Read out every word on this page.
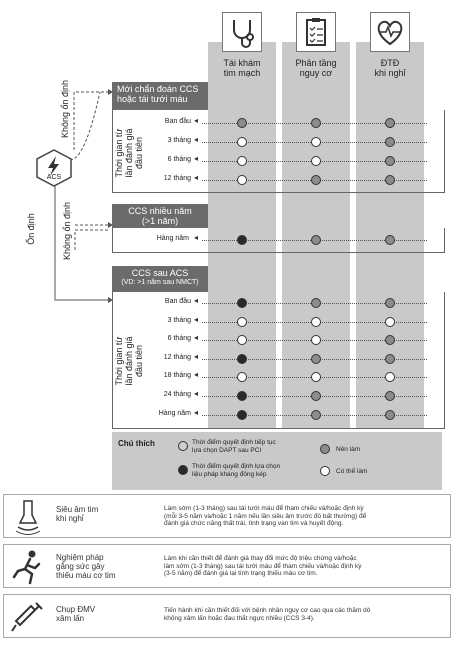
Tái khám
tim mạch
Phân tầng
nguy cơ
ĐTĐ
khi nghỉ
ACS
Không ổn định
Ổn định	Không ổn định
Mới chẩn đoán CCS
hoặc tái tưới máu
Thời gian từ
lần đánh giá
đầu tiên
CCS nhiều năm
(>1 năm)
CCS sau ACS
(VD: >1 năm sau NMCT)
Thời gian từ
lần đánh giá
đầu tiên
Ban đầu ◂
3 tháng ◂
6 tháng ◂
12 tháng ◂
Hàng năm ◂
Ban đầu ◂
3 tháng ◂
6 tháng ◂
12 tháng ◂
18 tháng ◂
24 tháng ◂
Hàng năm ◂
Chú thích	Thời điểm quyết định tiếp tục
lựa chọn DAPT sau PCI
Thời điểm quyết định lựa chọn
liệu pháp kháng đông kép
Nên làm
Có thể làm
Siêu âm tim
khi nghỉ
Làm sớm (1-3 tháng) sau tái tưới máu để tham chiếu và/hoặc định kỳ
(mỗi 3-5 năm và/hoặc 1 năm nếu lần siêu âm trước đó bất thường) để
đánh giá chức năng thất trái, tình trạng van tim và huyết động.
Nghiệm pháp
gắng sức gây
thiếu máu cơ tim
Làm khi cần thiết để đánh giá thay đổi mức độ triệu chứng và/hoặc
làm sớm (1-3 tháng) sau tái tưới máu để tham chiếu và/hoặc định kỳ
(3-5 năm) để đánh giá lại tình trạng thiếu máu cơ tim.
Chụp ĐMV
xâm lấn
Tiến hành khi cần thiết đối với bệnh nhân nguy cơ cao qua các thăm dò
không xâm lấn hoặc đau thắt ngực nhiều (CCS 3-4).
